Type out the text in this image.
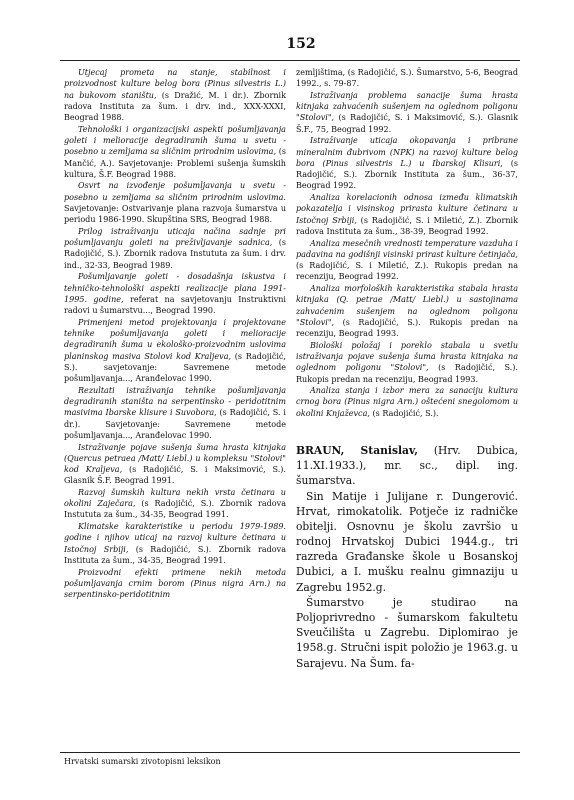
152

Utjecaj prometa na stanje, stabilnost i proizvodnost kulture belog bora (Pinus silvestris L.) na bukovom staništu, (s Dražić, M. i dr.). Zbornik radova Instituta za šum. i drv. ind., XXX-XXXI, Beograd 1988.

Tehnološki i organizacijski aspekti pošumljavanja goleti i melioracije degradiranih šuma u svetu - posebno u zemljama sa sličnim prirodnim uslovima, (s Mančić, A.). Savjetovanje: Problemi sušenja šumskih kultura, Š.F. Beograd 1988.

Osvrt na izvođenje pošumljavanja u svetu - posebno u zemljama sa sličnim prirodnim uslovima. Savjetovanje: Ostvarivanje plana razvoja šumarstva u periodu 1986-1990. Skupština SRS, Beograd 1988.

Prilog istraživanju uticaja načina sadnje pri pošumljavanju goleti na preživljavanje sadnica, (s Radojičić, S.). Zbornik radova Instututa za šum. i drv. ind., 32-33, Beograd 1989.

Pošumljavanje goleti - dosadašnja iskustva i tehničko-tehnološki aspekti realizacije plana 1991-1995. godine, referat na savjetovanju Instruktivni radovi u šumarstvu..., Beograd 1990.

Primenjeni metod projektovanja i projektovane tehnike pošumljavanja goleti i melioracije degradiranih šuma u ekološko-proizvodnim uslovima planinskog masiva Stolovi kod Kraljeva, (s Radojičić, S.). savjetovanje: Savremene metode pošumljavanja..., Aranđelovac 1990.

Rezultati istraživanja tehnike pošumljavanja degradiranih staništa na serpentinsko - peridotitnim masivima Ibarske klisure i Suvobora, (s Radojičić, S. i dr.). Savjetovanje: Savremene metode pošumljavanja..., Aranđelovac 1990.

Istraživanje pojave sušenja šuma hrasta kitnjaka (Quercus petraea /Matt/ Liebl.) u kompleksu "Stolovi" kod Kraljeva, (s Radojičić, S. i Maksimović, S.). Glasnik Š.F. Beograd 1991.

Razvoj šumskih kultura nekih vrsta četinara u okolini Zaječara, (s Radojičić, S.). Zbornik radova Instututa za šum., 34-35, Beograd 1991.

Klimatske karakteristike u periodu 1979-1989. godine i njihov uticaj na razvoj kulture četinara u Istočnoj Srbiji, (s Radojičić, S.). Zbornik radova Instituta za šum., 34-35, Beograd 1991.

Proizvodni efekti primene nekih metoda pošumljavanja crnim borom (Pinus nigra Arn.) na serpentinsko-peridotitnim

zemljištima, (s Radojičić, S.). Šumarstvo, 5-6, Beograd 1992., s. 79-87.

Istraživanja problema sanacije šuma hrasta kitnjaka zahvaćenih sušenjem na oglednom poligonu "Stolovi", (s Radojičić, S. i Maksimović, S.). Glasnik Š.F., 75, Beograd 1992.

Istraživanje uticaja okopavanja i pribrane mineralnim đubrivom (NPK) na razvoj kulture belog bora (Pinus silvestris L.) u Ibarskoj Klisuri, (s Radojičić, S.). Zbornik Instituta za šum., 36-37, Beograd 1992.

Analiza korelacionih odnosa između klimatskih pokazatelja i visinskog prirasta kulture četinara u Istočnoj Srbiji, (s Radojičić, S. i Miletić, Z.). Zbornik radova Instituta za šum., 38-39, Beograd 1992.

Analiza mesečnih vrednosti temperature vazduha i padavina na godišnji visinski prirast kulture četinjača, (s Radojičić, S. i Miletić, Z.). Rukopis predan na recenziju, Beograd 1992.

Analiza morfoloških karakteristika stabala hrasta kitnjaka (Q. petrae /Matt/ Liebl.) u sastojinama zahvaćenim sušenjem na oglednom poligonu "Stolovi", (s Radojičić, S.). Rukopis predan na recenziju, Beograd 1993.

Biološki položaj i poreklo stabala u svetlu istraživanja pojave sušenja šuma hrasta kitnjaka na oglednom poligonu "Stolovi", (s Radojičić, S.). Rukopis predan na recenziju, Beograd 1993.

Analiza stanja i izbor mera za sanaciju kultura crnog bora (Pinus nigra Arn.) oštećeni snegolomom u okolini Knjaževca, (s Radojičić, S.).

BRAUN, Stanislav, (Hrv. Dubica, 11.XI.1933.), mr. sc., dipl. ing. šumarstva.

Sin Matije i Julijane r. Dungerović. Hrvat, rimokatolik. Potječe iz radničke obitelji. Osnovnu je školu završio u rodnoj Hrvatskoj Dubici 1944.g., tri razreda Građanske škole u Bosanskoj Dubici, a I. mušku realnu gimnaziju u Zagrebu 1952.g.

Šumarstvo je studirao na Poljoprivredno - šumarskom fakultetu Sveučilišta u Zagrebu. Diplomirao je 1958.g. Stručni ispit položio je 1963.g. u Sarajevu. Na Šum. fa-

Hrvatski sumarski zivotopisni leksikon
